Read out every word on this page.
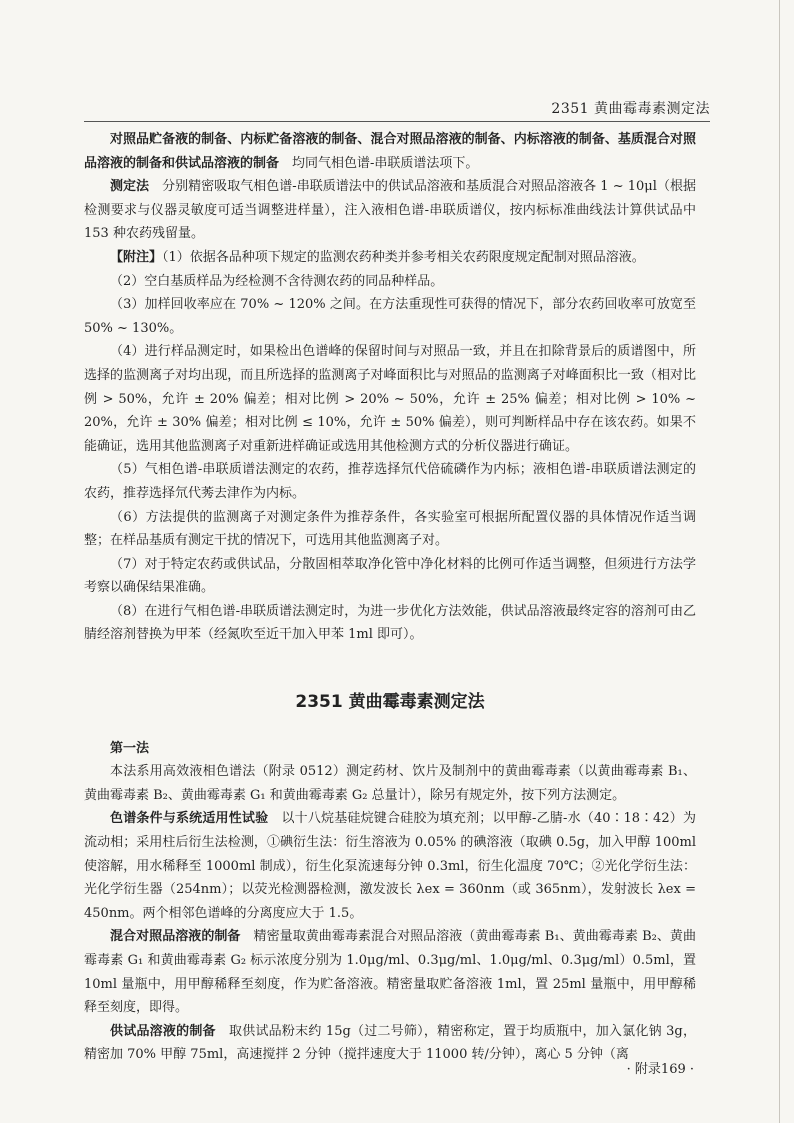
2351 黄曲霉毒素测定法

对照品贮备液的制备、内标贮备溶液的制备、混合对照品溶液的制备、内标溶液的制备、基质混合对照品溶液的制备和供试品溶液的制备　 均同气相色谱-串联质谱法项下。

测定法　 分别精密吸取气相色谱-串联质谱法中的供试品溶液和基质混合对照品溶液各 1 ~ 10μl（根据检测要求与仪器灵敏度可适当调整进样量），注入液相色谱-串联质谱仪，按内标标准曲线法计算供试品中 153 种农药残留量。

【附注】（1）依据各品种项下规定的监测农药种类并参考相关农药限度规定配制对照品溶液。

（2）空白基质样品为经检测不含待测农药的同品种样品。

（3）加样回收率应在 70% ~ 120% 之间。在方法重现性可获得的情况下，部分农药回收率可放宽至 50% ~ 130%。

（4）进行样品测定时，如果检出色谱峰的保留时间与对照品一致，并且在扣除背景后的质谱图中，所选择的监测离子对均出现，而且所选择的监测离子对峰面积比与对照品的监测离子对峰面积比一致（相对比例 > 50%，允许 ± 20% 偏差；相对比例 > 20% ~ 50%，允许 ± 25% 偏差；相对比例 > 10% ~ 20%，允许 ± 30% 偏差；相对比例 ≤ 10%，允许 ± 50% 偏差），则可判断样品中存在该农药。如果不能确证，选用其他监测离子对重新进样确证或选用其他检测方式的分析仪器进行确证。

（5）气相色谱-串联质谱法测定的农药，推荐选择氘代倍硫磷作为内标；液相色谱-串联质谱法测定的农药，推荐选择氘代莠去津作为内标。

（6）方法提供的监测离子对测定条件为推荐条件，各实验室可根据所配置仪器的具体情况作适当调整；在样品基质有测定干扰的情况下，可选用其他监测离子对。

（7）对于特定农药或供试品，分散固相萃取净化管中净化材料的比例可作适当调整，但须进行方法学考察以确保结果准确。

（8）在进行气相色谱-串联质谱法测定时，为进一步优化方法效能，供试品溶液最终定容的溶剂可由乙腈经溶剂替换为甲苯（经氮吹至近干加入甲苯 1ml 即可）。

2351 黄曲霉毒素测定法

第一法

本法系用高效液相色谱法（附录 0512）测定药材、饮片及制剂中的黄曲霉毒素（以黄曲霉毒素 B₁、黄曲霉毒素 B₂、黄曲霉毒素 G₁ 和黄曲霉毒素 G₂ 总量计），除另有规定外，按下列方法测定。

色谱条件与系统适用性试验　 以十八烷基硅烷键合硅胶为填充剂；以甲醇-乙腈-水（40∶18∶42）为流动相；采用柱后衍生法检测，①碘衍生法：衍生溶液为 0.05% 的碘溶液（取碘 0.5g，加入甲醇 100ml 使溶解，用水稀释至 1000ml 制成），衍生化泵流速每分钟 0.3ml，衍生化温度 70℃；②光化学衍生法：光化学衍生器（254nm）；以荧光检测器检测，激发波长 λex = 360nm（或 365nm），发射波长 λex = 450nm。两个相邻色谱峰的分离度应大于 1.5。

混合对照品溶液的制备　 精密量取黄曲霉毒素混合对照品溶液（黄曲霉毒素 B₁、黄曲霉毒素 B₂、黄曲霉毒素 G₁ 和黄曲霉毒素 G₂ 标示浓度分别为 1.0μg/ml、0.3μg/ml、1.0μg/ml、0.3μg/ml）0.5ml，置 10ml 量瓶中，用甲醇稀释至刻度，作为贮备溶液。精密量取贮备溶液 1ml，置 25ml 量瓶中，用甲醇稀释至刻度，即得。

供试品溶液的制备　 取供试品粉末约 15g（过二号筛），精密称定，置于均质瓶中，加入氯化钠 3g，精密加 70% 甲醇 75ml，高速搅拌 2 分钟（搅拌速度大于 11000 转/分钟），离心 5 分钟（离

· 附录169 ·
